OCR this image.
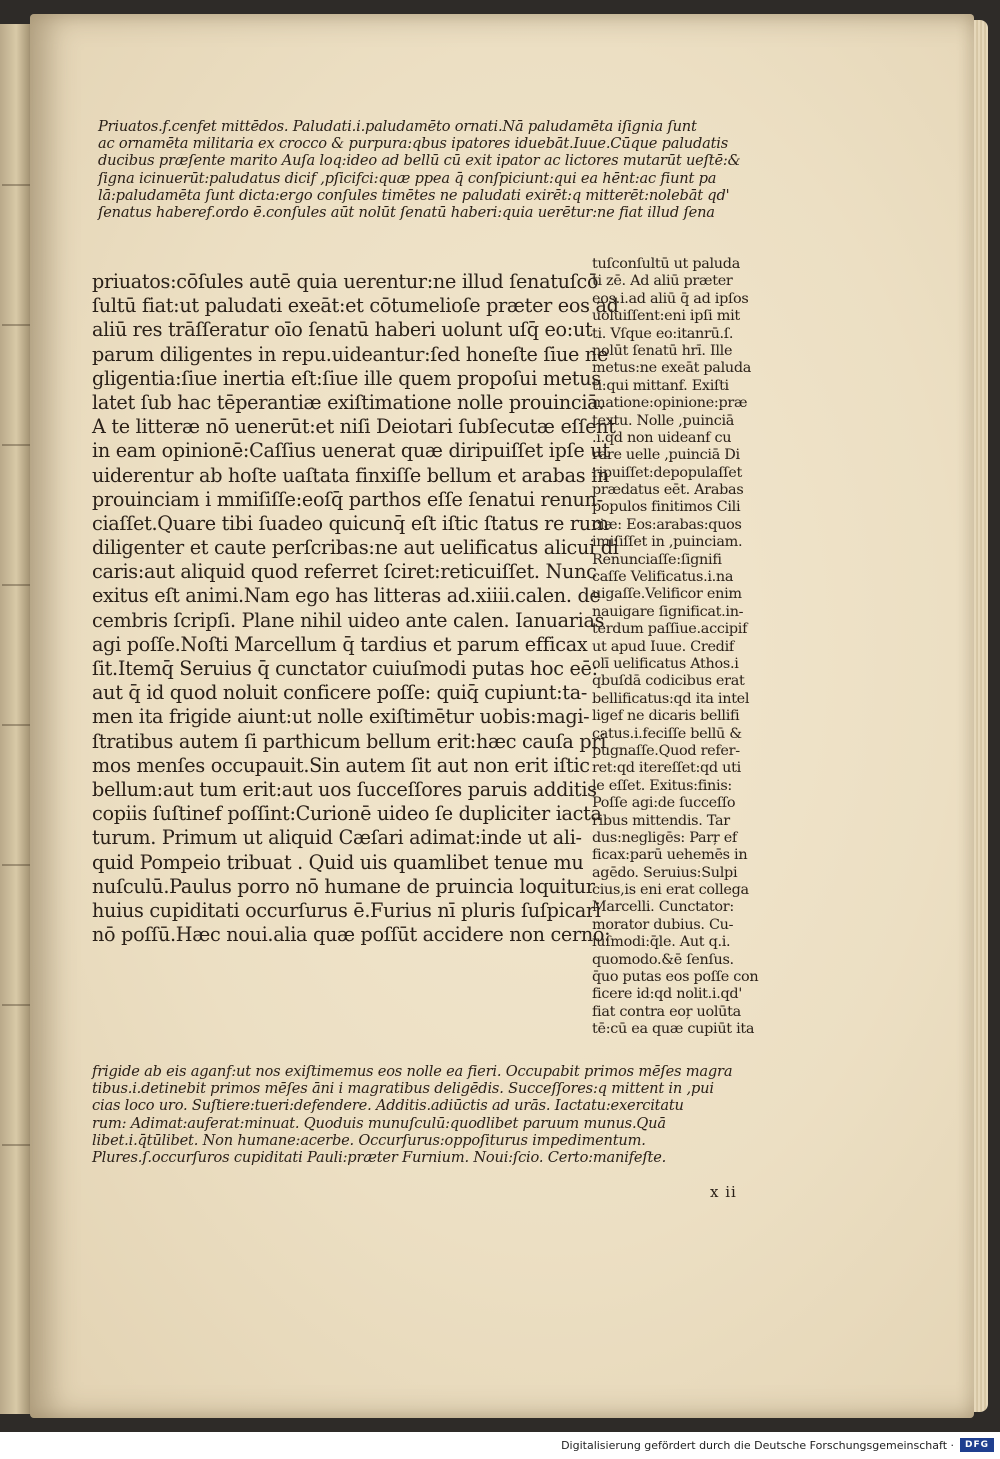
Priuatos.f.cenfet mittēdos. Paludati.i.paludamēto ornati.Nā paludamēta iſignia ſunt
ac ornamēta militaria ex crocco & purpura:qbus ipatores iduebāt.Iuue.Cūque paludatis
ducibus præſente marito Auſa loq:ideo ad bellū cū exit ipator ac lictores mutarūt ueſtē:&
ſigna icinuerūt:paludatus dicif ,pſicifci:quæ ppea q̄ conſpiciunt:qui ea hēnt:ac fiunt pa
lā:paludamēta ſunt dicta:ergo conſules timētes ne paludati exirēt:q mitterēt:nolebāt qd'
ſenatus haberef.ordo ē.conſules aūt nolūt ſenatū haberi:quia uerētur:ne fiat illud ſena
priuatos:cōſules autē quia uerentur:ne illud ſenatuſcō
ſultū fiat:ut paludati exeāt:et cōtumelioſe præter eos ad
aliū res trāſſeratur oīo ſenatū haberi uolunt uſq̄ eo:ut
parum diligentes in repu.uideantur:ſed honeſte ſiue ne
gligentia:ſiue inertia eſt:ſiue ille quem propoſui metus
latet ſub hac tēperantiæ exiſtimatione nolle prouinciā.
A te litteræ nō uenerūt:et niſi Deiotari ſubſecutæ eſſent
in eam opinionē:Caſſius uenerat quæ diripuiſſet ipſe ut
uiderentur ab hoſte uaſtata finxiſſe bellum et arabas in
prouinciam i mmiſiſſe:eoſq̄ parthos eſſe ſenatui renun-
ciaſſet.Quare tibi ſuadeo quicunq̄ eſt iſtic ſtatus re rum
diligenter et caute perſcribas:ne aut uelificatus alicui di
caris:aut aliquid quod referret ſciret:reticuiſſet. Nunc
exitus eſt animi.Nam ego has litteras ad.xiiii.calen. de
cembris ſcripſi. Plane nihil uideo ante calen. Ianuarias
agi poſſe.Noſti Marcellum q̄ tardius et parum efficax
ſit.Itemq̄ Seruius q̄ cunctator cuiuſmodi putas hoc eē:
aut q̄ id quod noluit conficere poſſe: quiq̄ cupiunt:ta-
men ita frigide aiunt:ut nolle exiſtimētur uobis:magi-
ſtratibus autem ſi parthicum bellum erit:hæc cauſa pri
mos menſes occupauit.Sin autem ſit aut non erit iſtic
bellum:aut tum erit:aut uos ſucceſſores paruis additis
copiis ſuſtinef poſſint:Curionē uideo ſe dupliciter iacta
turum. Primum ut aliquid Cæſari adimat:inde ut ali-
quid Pompeio tribuat . Quid uis quamlibet tenue mu
nuſculū.Paulus porro nō humane de pruincia loquitur
huius cupiditati occurſurus ē.Furius nī pluris ſuſpicari
nō poſſū.Hæc noui.alia quæ poſſūt accidere non cerno:
tuſconſultū ut paluda
ti zē. Ad aliū præter
eos.i.ad aliū q̄ ad ipſos
uoluiſſent:eni ipſi mit
ti. Vſque eo:itanrū.ſ.
nolūt ſenatū hrī. Ille
metus:ne exeāt paluda
ti:qui mittanf. Exiſti
matione:opinione:præ
textu. Nolle ,puinciā
.i.qd non uideanf cu
rare uelle ,puinciā Di
ripuiſſet:depopulaſſet
prædatus eēt. Arabas
populos finitimos Cili
ciæ: Eos:arabas:quos
imiſiſſet in ,puinciam.
Renunciaſſe:ſignifi
caſſe Velificatus.i.na
uigaſſe.Velificor enim
nauigare ſignificat.in-
terdum paſſiue.accipif
ut apud Iuue. Credif
olī uelificatus Athos.i
qbuſdā codicibus erat
bellificatus:qd ita intel
ligef ne dicaris bellifi
catus.i.feciſſe bellū &
pugnaſſe.Quod refer-
ret:qd itereſſet:qd uti
le eſſet. Exitus:finis:
Poſſe agi:de ſucceſſo
ribus mittendis. Tar
dus:negligēs: Parŗ ef
ficax:parū uehemēs in
agēdo. Seruius:Sulpi
cius,is eni erat collega
Marcelli. Cunctator:
morator dubius. Cu-
iuſmodi:q̄le. Aut q.i.
quomodo.&ē ſenſus.
q̄uo putas eos poſſe con
ficere id:qd nolit.i.qd'
fiat contra eoŗ uolūta
tē:cū ea quæ cupiūt ita
frigide ab eis aganf:ut nos exiſtimemus eos nolle ea fieri. Occupabit primos mēſes magra
tibus.i.detinebit primos mēſes āni i magratibus deligēdis. Succeſſores:q mittent in ,pui
cias loco uro. Suſtiere:tueri:defendere. Additis.adiūctis ad urās. Iactatu:exercitatu
rum: Adimat:auferat:minuat. Quoduis munuſculū:quodlibet paruum munus.Quā
libet.i.q̄tūlibet. Non humane:acerbe. Occurſurus:oppoſiturus impedimentum.
Plures.ſ.occurſuros cupiditati Pauli:præter Furnium. Noui:ſcio. Certo:manifeſte.
x ii
Digitalisierung gefördert durch die Deutsche Forschungsgemeinschaft ·	DFG
